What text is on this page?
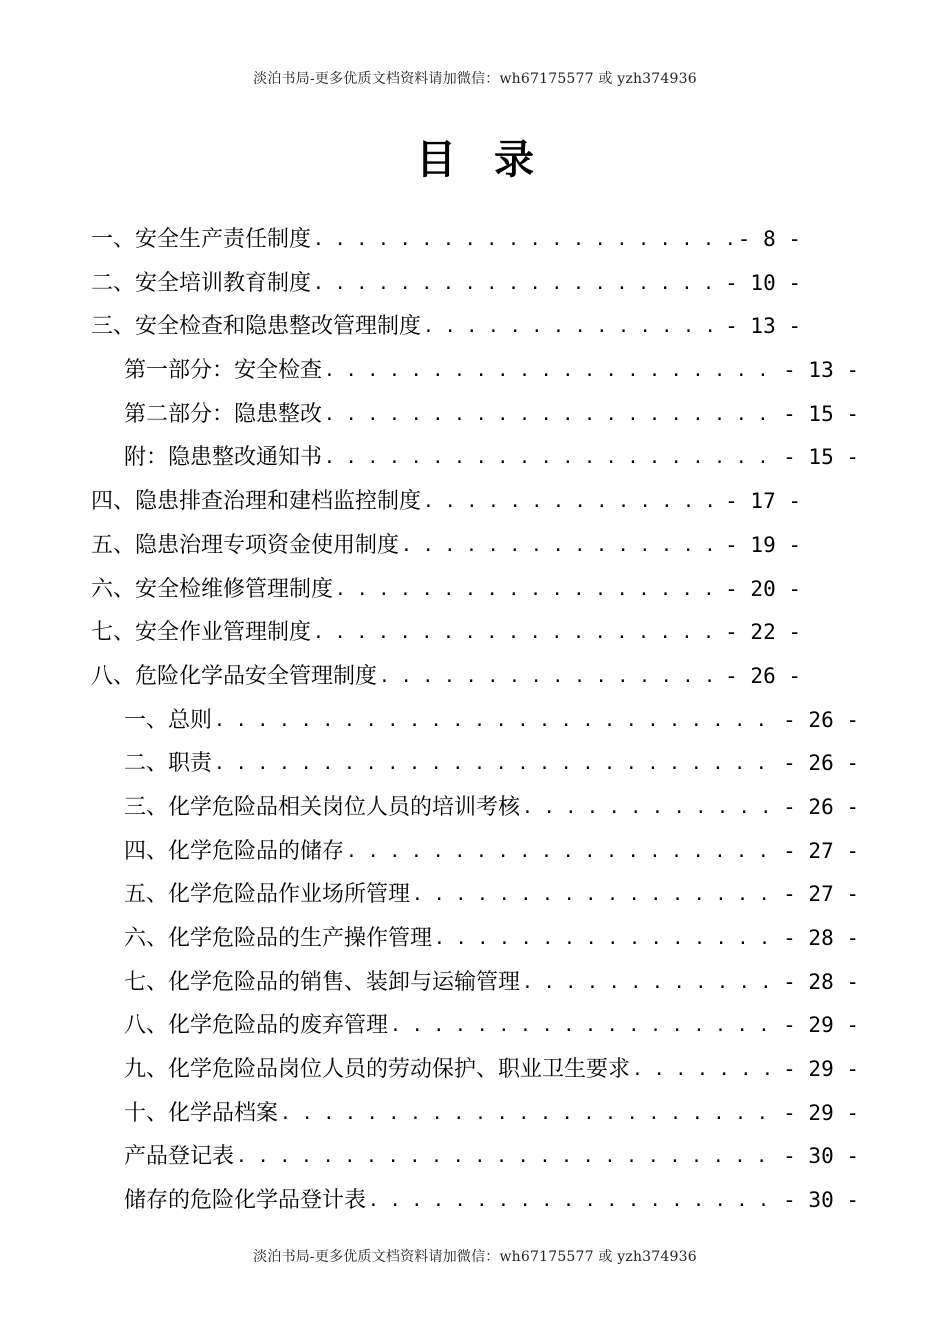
淡泊书局-更多优质文档资料请加微信：wh67175577 或 yzh374936
目录
一、安全生产责任制度 . . .	- 8 -
二、安全培训教育制度 . . .	- 10 -
三、安全检查和隐患整改管理制度 . . .	- 13 -
第一部分：安全检查 . . .	- 13 -
第二部分：隐患整改 . . .	- 15 -
附：隐患整改通知书 . . .	- 15 -
四、隐患排查治理和建档监控制度 . . .	- 17 -
五、隐患治理专项资金使用制度 . . .	- 19 -
六、安全检维修管理制度 . . .	- 20 -
七、安全作业管理制度 . . .	- 22 -
八、危险化学品安全管理制度 . . .	- 26 -
一、总则 . . .	- 26 -
二、职责 . . .	- 26 -
三、化学危险品相关岗位人员的培训考核 . . .	- 26 -
四、化学危险品的储存 . . .	- 27 -
五、化学危险品作业场所管理 . . .	- 27 -
六、化学危险品的生产操作管理 . . .	- 28 -
七、化学危险品的销售、装卸与运输管理 . . .	- 28 -
八、化学危险品的废弃管理 . . .	- 29 -
九、化学危险品岗位人员的劳动保护、职业卫生要求 . . .	- 29 -
十、化学品档案 . . .	- 29 -
产品登记表 . . .	- 30 -
储存的危险化学品登计表 . . .	- 30 -
淡泊书局-更多优质文档资料请加微信：wh67175577 或 yzh374936
